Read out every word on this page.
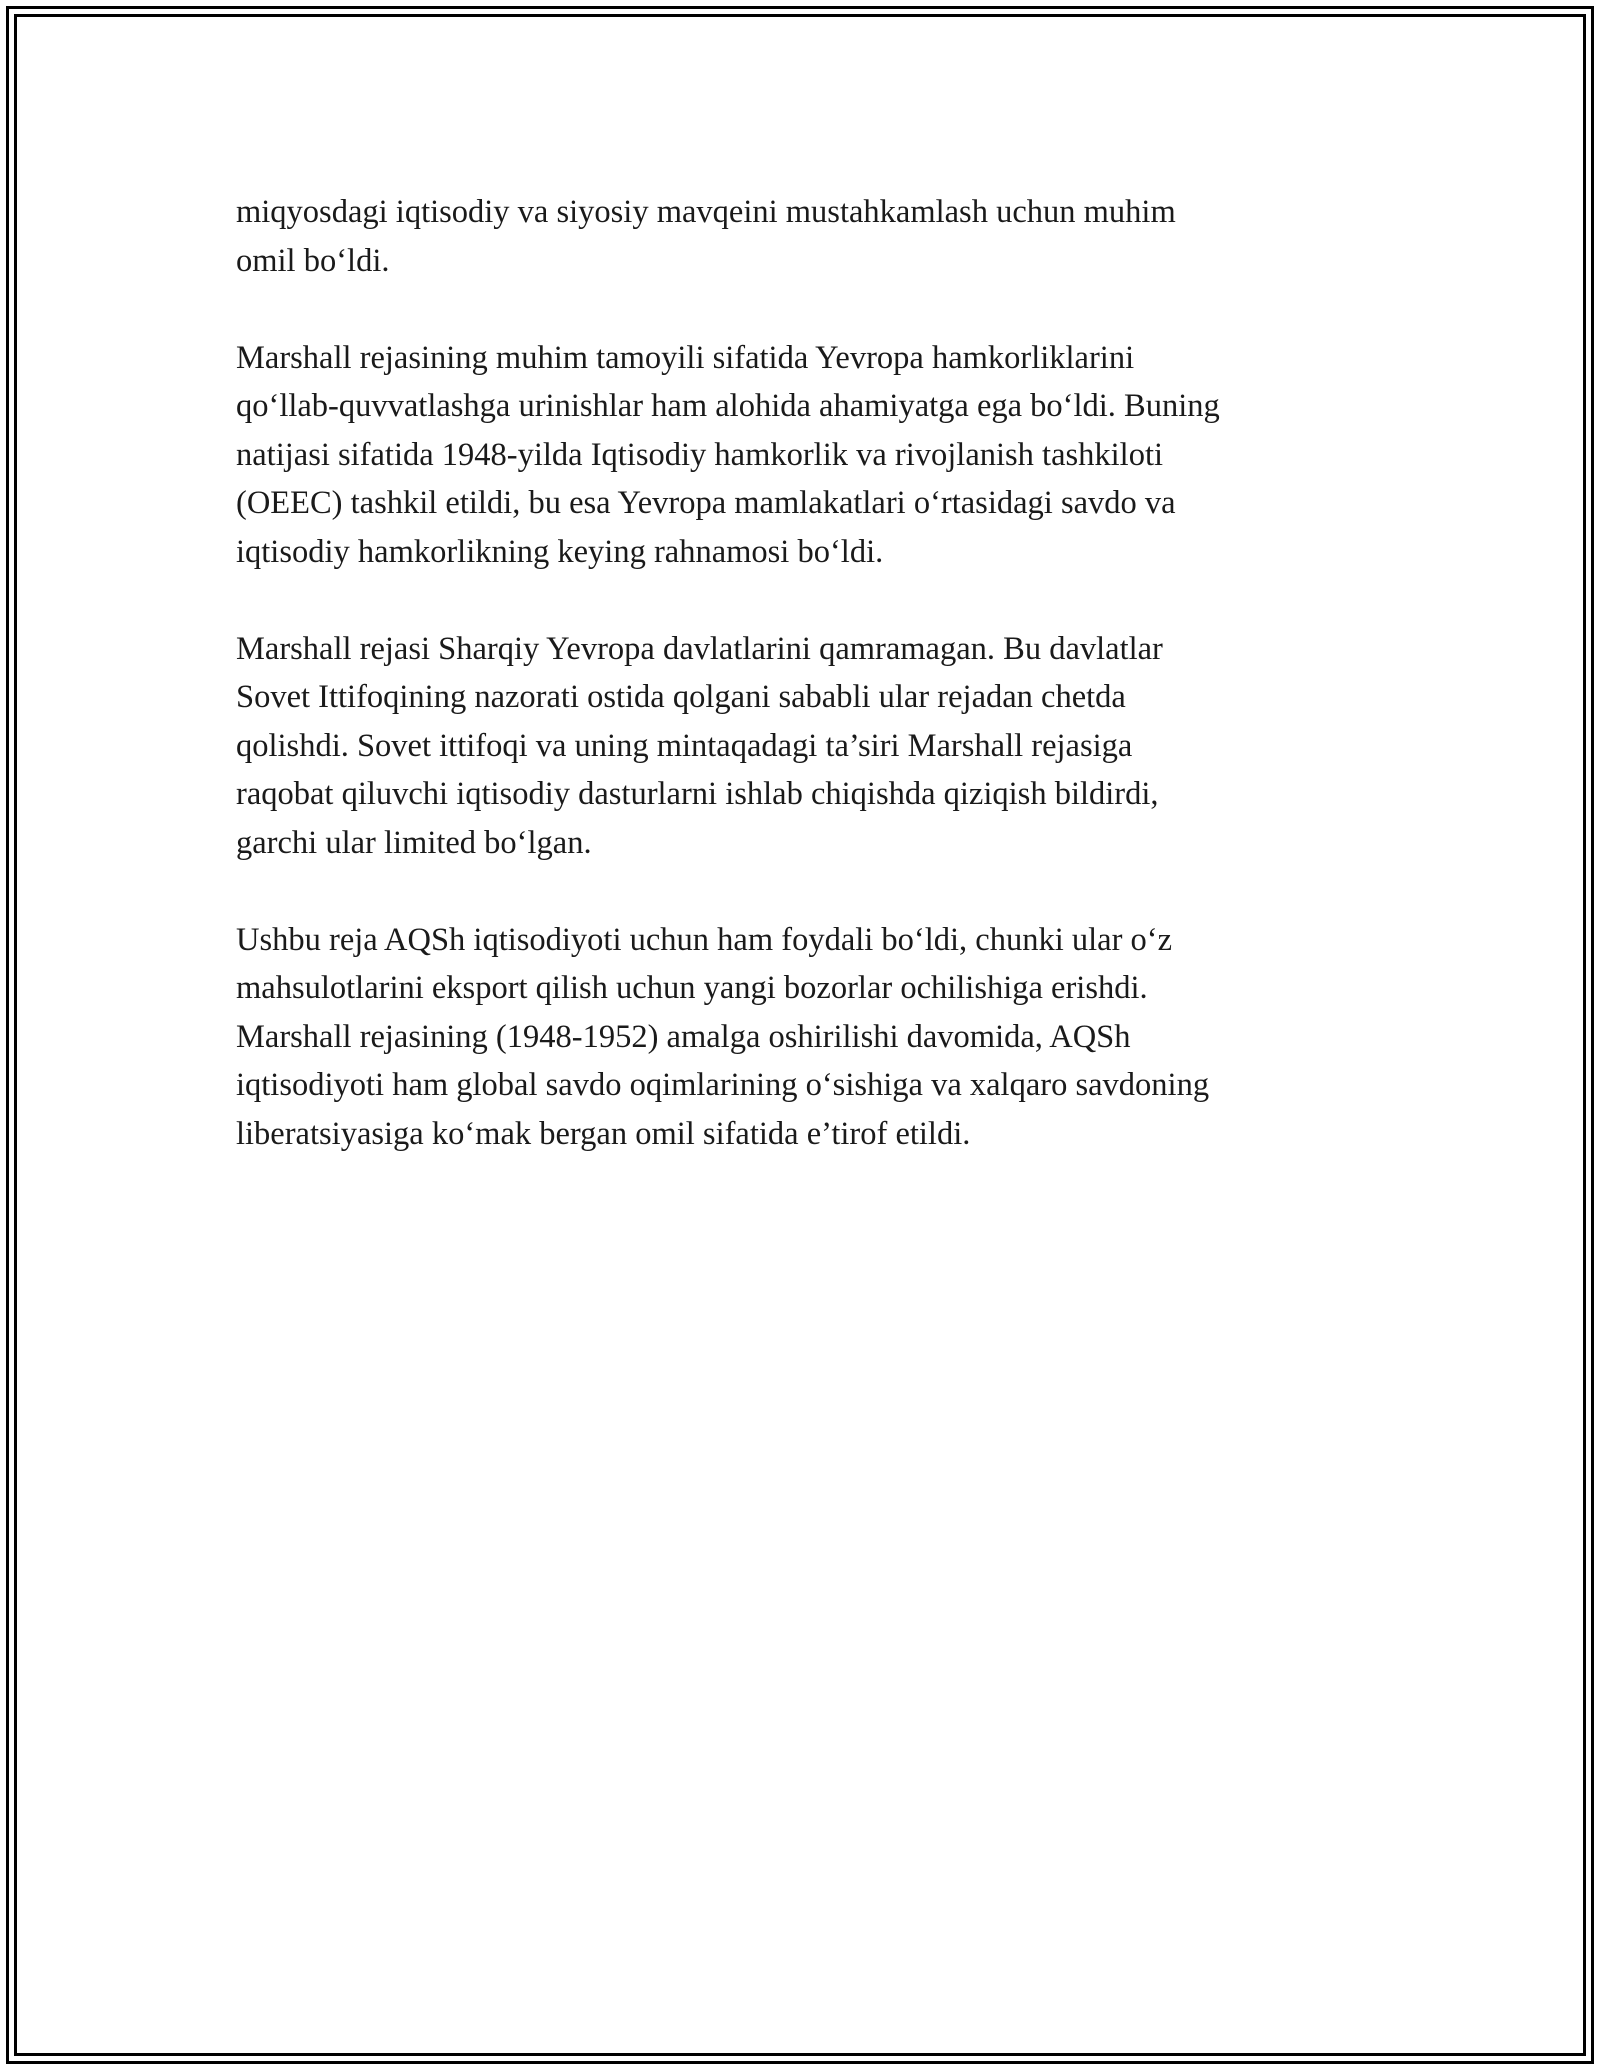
miqyosdagi iqtisodiy va siyosiy mavqeini mustahkamlash uchun muhim
omil bo‘ldi.

Marshall rejasining muhim tamoyili sifatida Yevropa hamkorliklarini
qo‘llab-quvvatlashga urinishlar ham alohida ahamiyatga ega bo‘ldi. Buning
natijasi sifatida 1948-yilda Iqtisodiy hamkorlik va rivojlanish tashkiloti
(OEEC) tashkil etildi, bu esa Yevropa mamlakatlari o‘rtasidagi savdo va
iqtisodiy hamkorlikning keying rahnamosi bo‘ldi.

Marshall rejasi Sharqiy Yevropa davlatlarini qamramagan. Bu davlatlar
Sovet Ittifoqining nazorati ostida qolgani sababli ular rejadan chetda
qolishdi. Sovet ittifoqi va uning mintaqadagi ta’siri Marshall rejasiga
raqobat qiluvchi iqtisodiy dasturlarni ishlab chiqishda qiziqish bildirdi,
garchi ular limited bo‘lgan.

Ushbu reja AQSh iqtisodiyoti uchun ham foydali bo‘ldi, chunki ular o‘z
mahsulotlarini eksport qilish uchun yangi bozorlar ochilishiga erishdi.
Marshall rejasining (1948-1952) amalga oshirilishi davomida, AQSh
iqtisodiyoti ham global savdo oqimlarining o‘sishiga va xalqaro savdoning
liberatsiyasiga ko‘mak bergan omil sifatida e’tirof etildi.
